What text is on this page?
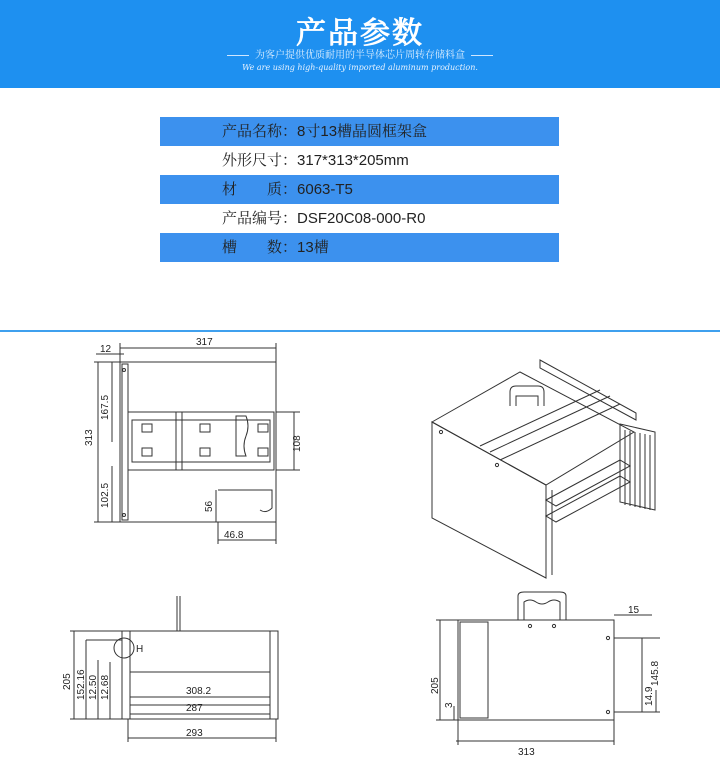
产品参数
为客户提供优质耐用的半导体芯片周转存储料盒
We are using high-quality imported aluminum production.
产品名称：8寸13槽晶圆框架盒
外形尺寸：317*313*205mm
材　　质：6063-T5
产品编号：DSF20C08-000-R0
槽　　数：13槽
317
12
313
167.5
108
102.5	56
46.8
H
205 152.16 12.50 12.68	308.2
287
293
15
205
3
145.8
14.9
313
